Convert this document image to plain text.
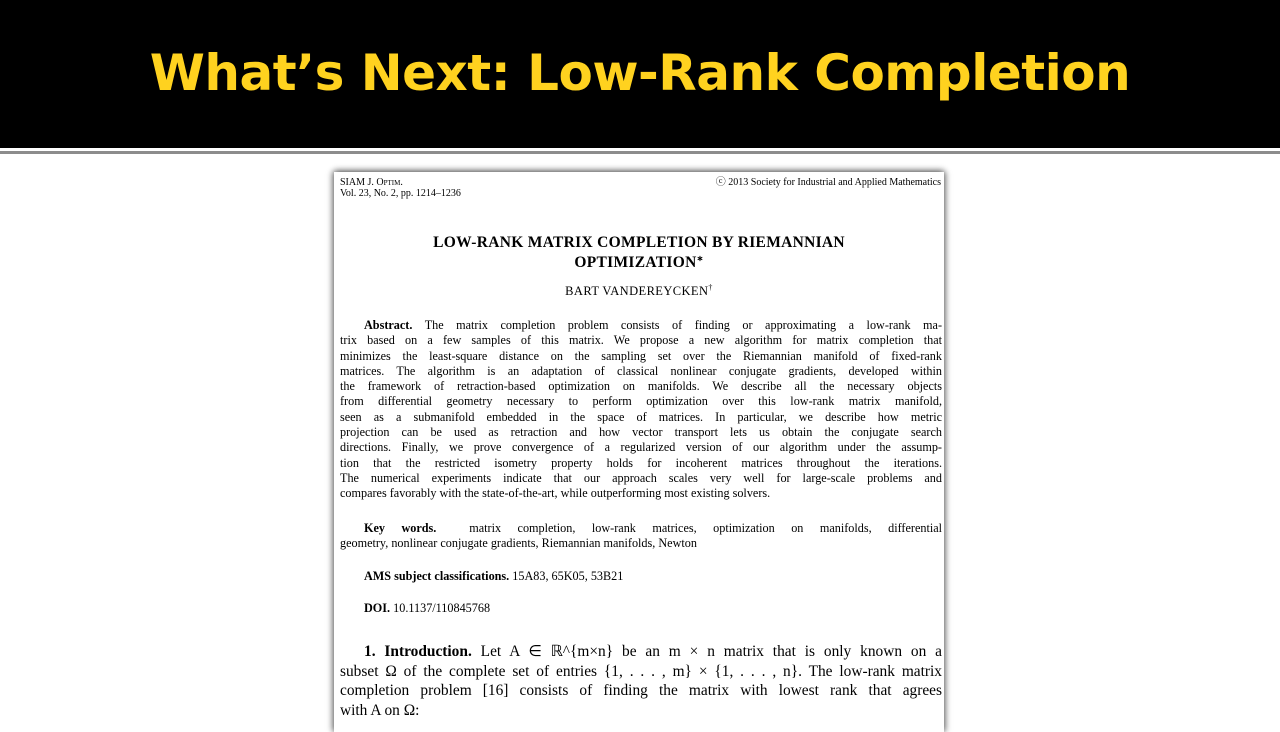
What’s Next: Low-Rank Completion
SIAM J. Optim.
Vol. 23, No. 2, pp. 1214–1236
ⓒ 2013 Society for Industrial and Applied Mathematics
LOW-RANK MATRIX COMPLETION BY RIEMANNIAN
OPTIMIZATION∗
BART VANDEREYCKEN†
Abstract. The matrix completion problem consists of finding or approximating a low-rank ma-
trix based on a few samples of this matrix. We propose a new algorithm for matrix completion that
minimizes the least-square distance on the sampling set over the Riemannian manifold of fixed-rank
matrices. The algorithm is an adaptation of classical nonlinear conjugate gradients, developed within
the framework of retraction-based optimization on manifolds. We describe all the necessary objects
from differential geometry necessary to perform optimization over this low-rank matrix manifold,
seen as a submanifold embedded in the space of matrices. In particular, we describe how metric
projection can be used as retraction and how vector transport lets us obtain the conjugate search
directions. Finally, we prove convergence of a regularized version of our algorithm under the assump-
tion that the restricted isometry property holds for incoherent matrices throughout the iterations.
The numerical experiments indicate that our approach scales very well for large-scale problems and
compares favorably with the state-of-the-art, while outperforming most existing solvers.
Key words.	matrix completion, low-rank matrices, optimization on manifolds, differential
geometry, nonlinear conjugate gradients, Riemannian manifolds, Newton
AMS subject classifications. 15A83, 65K05, 53B21
DOI. 10.1137/110845768
1. Introduction. Let A ∈ ℝ^{m×n} be an m × n matrix that is only known on a
subset Ω of the complete set of entries {1, . . . , m} × {1, . . . , n}. The low-rank matrix
completion problem [16] consists of finding the matrix with lowest rank that agrees
with A on Ω:
